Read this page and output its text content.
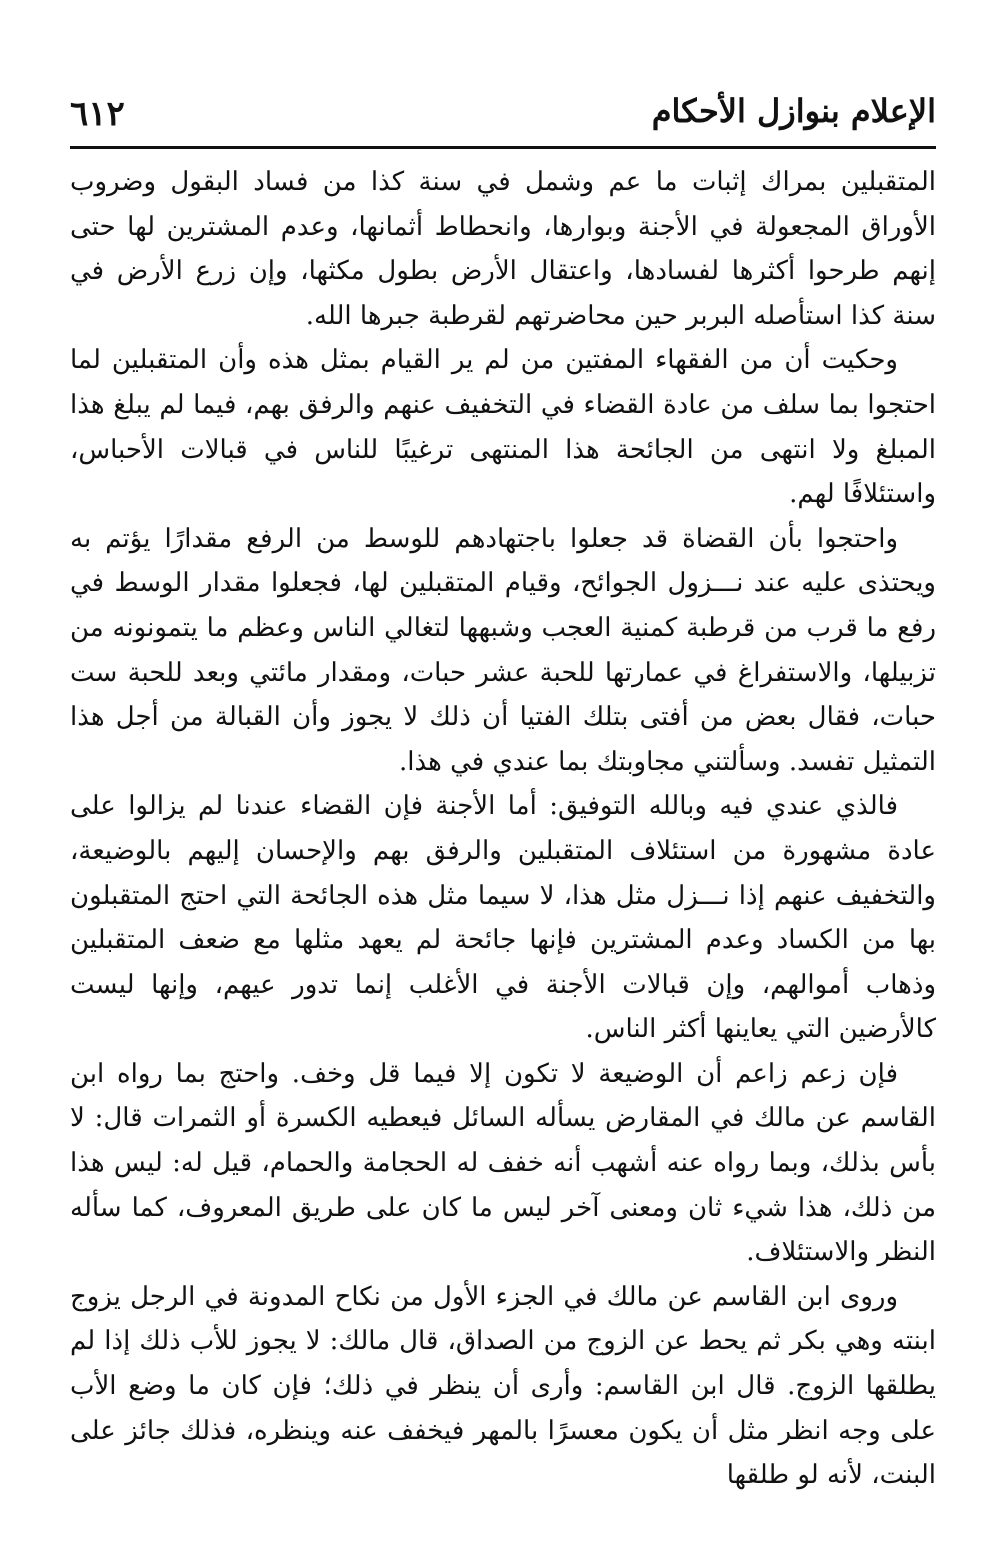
٦١٢	الإعلام بنوازل الأحكام

المتقبلين بمراك إثبات ما عم وشمل في سنة كذا من فساد البقول وضروب الأوراق المجعولة في الأجنة وبوارها، وانحطاط أثمانها، وعدم المشترين لها حتى إنهم طرحوا أكثرها لفسادها، واعتقال الأرض بطول مكثها، وإن زرع الأرض في سنة كذا استأصله البربر حين محاضرتهم لقرطبة جبرها الله.

وحكيت أن من الفقهاء المفتين من لم ير القيام بمثل هذه وأن المتقبلين لما احتجوا بما سلف من عادة القضاء في التخفيف عنهم والرفق بهم، فيما لم يبلغ هذا المبلغ ولا انتهى من الجائحة هذا المنتهى ترغيبًا للناس في قبالات الأحباس، واستئلافًا لهم.

واحتجوا بأن القضاة قد جعلوا باجتهادهم للوسط من الرفع مقدارًا يؤتم به ويحتذى عليه عند نـــزول الجوائح، وقيام المتقبلين لها، فجعلوا مقدار الوسط في رفع ما قرب من قرطبة كمنية العجب وشبهها لتغالي الناس وعظم ما يتمونونه من تزبيلها، والاستفراغ في عمارتها للحبة عشر حبات، ومقدار مائتي وبعد للحبة ست حبات، فقال بعض من أفتى بتلك الفتيا أن ذلك لا يجوز وأن القبالة من أجل هذا التمثيل تفسد. وسألتني مجاوبتك بما عندي في هذا.

فالذي عندي فيه وبالله التوفيق: أما الأجنة فإن القضاء عندنا لم يزالوا على عادة مشهورة من استئلاف المتقبلين والرفق بهم والإحسان إليهم بالوضيعة، والتخفيف عنهم إذا نـــزل مثل هذا، لا سيما مثل هذه الجائحة التي احتج المتقبلون بها من الكساد وعدم المشترين فإنها جائحة لم يعهد مثلها مع ضعف المتقبلين وذهاب أموالهم، وإن قبالات الأجنة في الأغلب إنما تدور عيهم، وإنها ليست كالأرضين التي يعاينها أكثر الناس.

فإن زعم زاعم أن الوضيعة لا تكون إلا فيما قل وخف. واحتج بما رواه ابن القاسم عن مالك في المقارض يسأله السائل فيعطيه الكسرة أو الثمرات قال: لا بأس بذلك، وبما رواه عنه أشهب أنه خفف له الحجامة والحمام، قيل له: ليس هذا من ذلك، هذا شيء ثان ومعنى آخر ليس ما كان على طريق المعروف، كما سأله النظر والاستئلاف.

وروى ابن القاسم عن مالك في الجزء الأول من نكاح المدونة في الرجل يزوج ابنته وهي بكر ثم يحط عن الزوج من الصداق، قال مالك: لا يجوز للأب ذلك إذا لم يطلقها الزوج. قال ابن القاسم: وأرى أن ينظر في ذلك؛ فإن كان ما وضع الأب على وجه انظر مثل أن يكون معسرًا بالمهر فيخفف عنه وينظره، فذلك جائز على البنت، لأنه لو طلقها
